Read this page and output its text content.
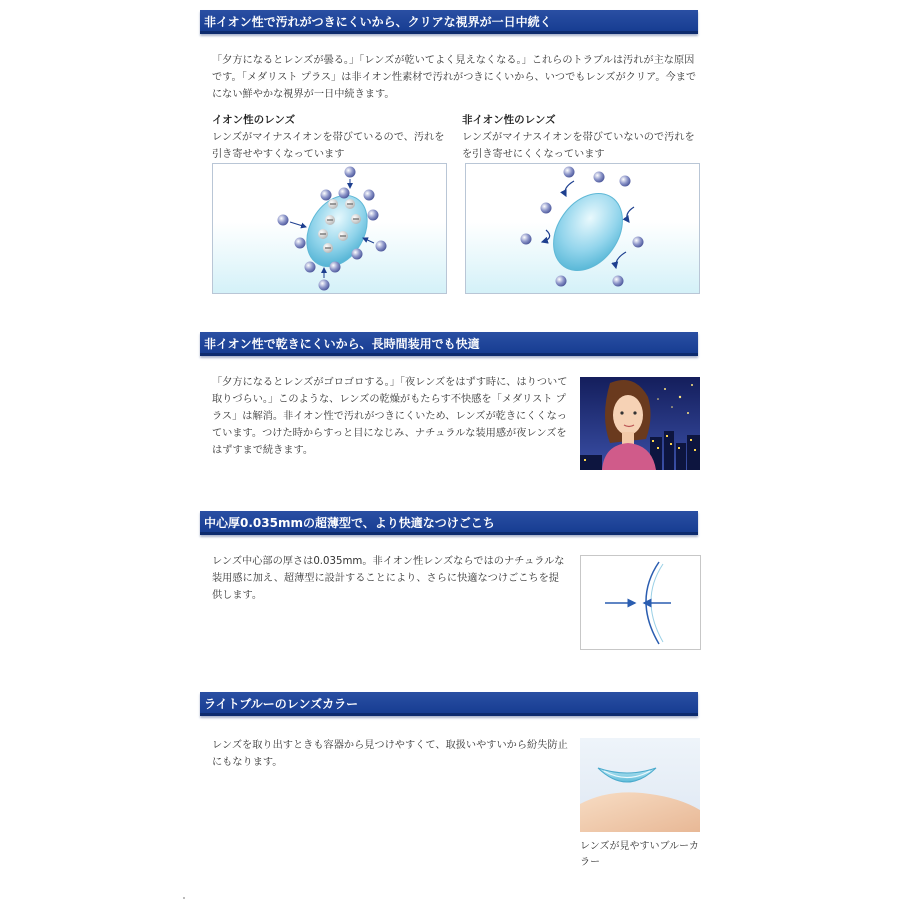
非イオン性で汚れがつきにくいから、クリアな視界が一日中続く
「夕方になるとレンズが曇る。」「レンズが乾いてよく見えなくなる。」これらのトラブルは汚れが主な原因です。「メダリスト プラス」は非イオン性素材で汚れがつきにくいから、いつでもレンズがクリア。今までにない鮮やかな視界が一日中続きます。
イオン性のレンズ
レンズがマイナスイオンを帯びているので、汚れを引き寄せやすくなっています
非イオン性のレンズ
レンズがマイナスイオンを帯びていないので汚れをを引き寄せにくくなっています
非イオン性で乾きにくいから、長時間装用でも快適
「夕方になるとレンズがゴロゴロする。」「夜レンズをはずす時に、はりついて取りづらい。」このような、レンズの乾燥がもたらす不快感を「メダリスト プラス」は解消。非イオン性で汚れがつきにくいため、レンズが乾きにくくなっています。つけた時からすっと目になじみ、ナチュラルな装用感が夜レンズをはずすまで続きます。
中心厚0.035mmの超薄型で、より快適なつけごこち
レンズ中心部の厚さは0.035mm。非イオン性レンズならではのナチュラルな装用感に加え、超薄型に設計することにより、さらに快適なつけごこちを提供します。
ライトブルーのレンズカラー
レンズを取り出すときも容器から見つけやすくて、取扱いやすいから紛失防止にもなります。
レンズが見やすいブルーカラー
